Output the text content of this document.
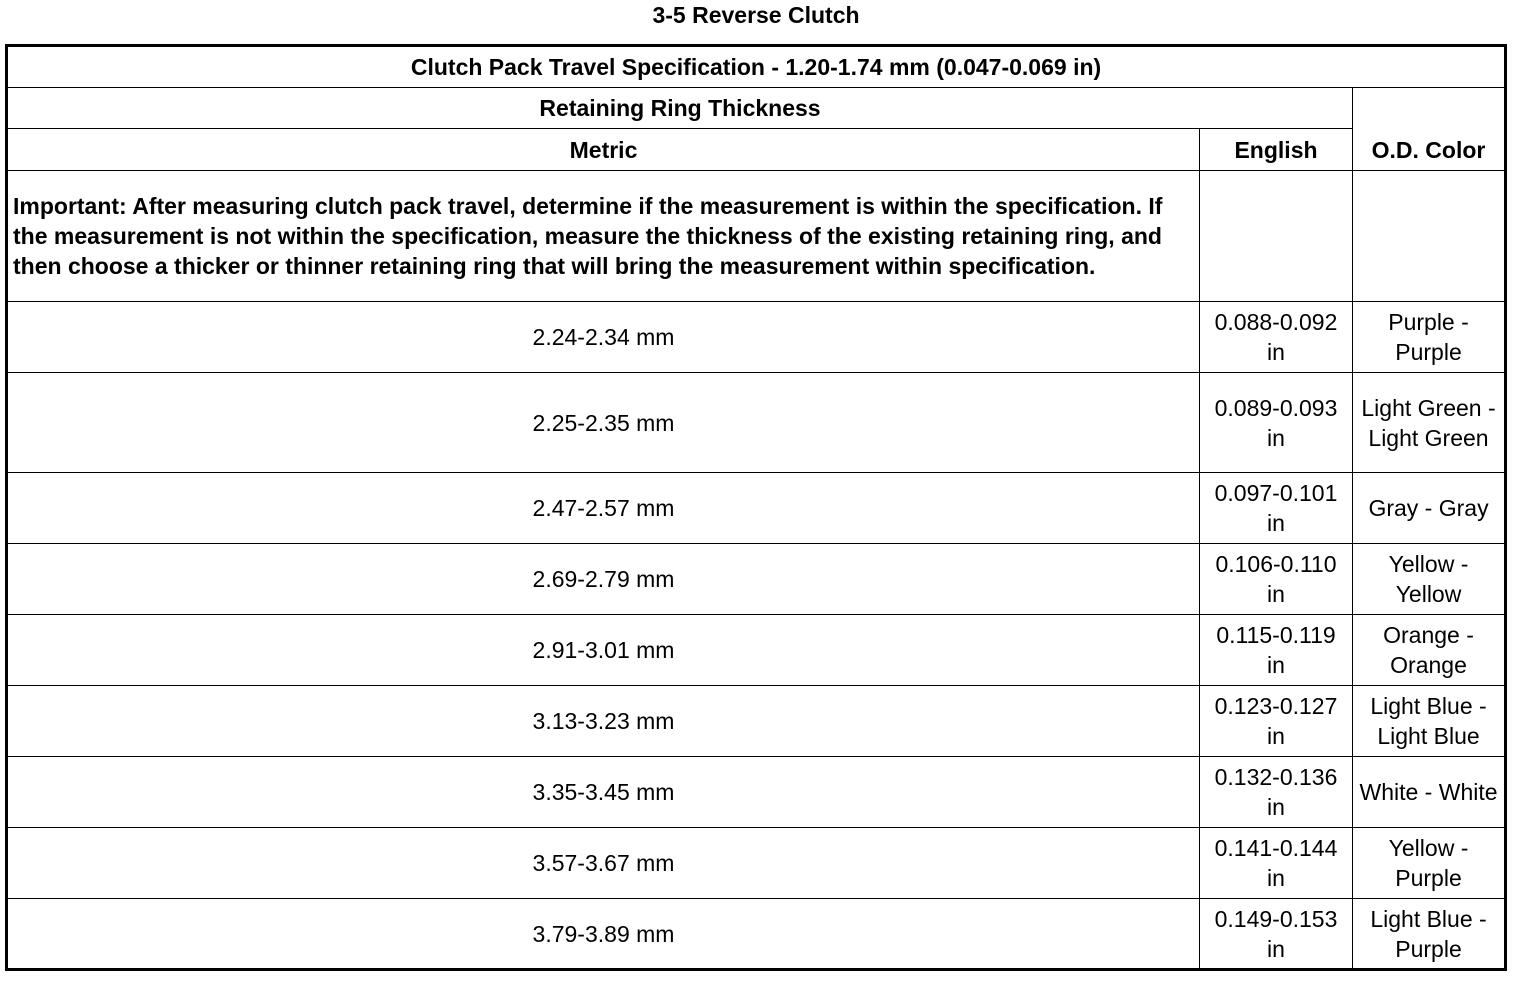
3-5 Reverse Clutch
Clutch Pack Travel Specification - 1.20-1.74 mm (0.047-0.069 in)		
Retaining Ring Thickness		O.D. Color
Metric	English	
Important: After measuring clutch pack travel, determine if the measurement is within the specification. If the measurement is not within the specification, measure the thickness of the existing retaining ring, and then choose a thicker or thinner retaining ring that will bring the measurement within specification.		
2.24-2.34 mm	0.088-0.092 in	Purple - Purple
2.25-2.35 mm	0.089-0.093 in	Light Green - Light Green
2.47-2.57 mm	0.097-0.101 in	Gray - Gray
2.69-2.79 mm	0.106-0.110 in	Yellow - Yellow
2.91-3.01 mm	0.115-0.119 in	Orange - Orange
3.13-3.23 mm	0.123-0.127 in	Light Blue - Light Blue
3.35-3.45 mm	0.132-0.136 in	White - White
3.57-3.67 mm	0.141-0.144 in	Yellow - Purple
3.79-3.89 mm	0.149-0.153 in	Light Blue - Purple
